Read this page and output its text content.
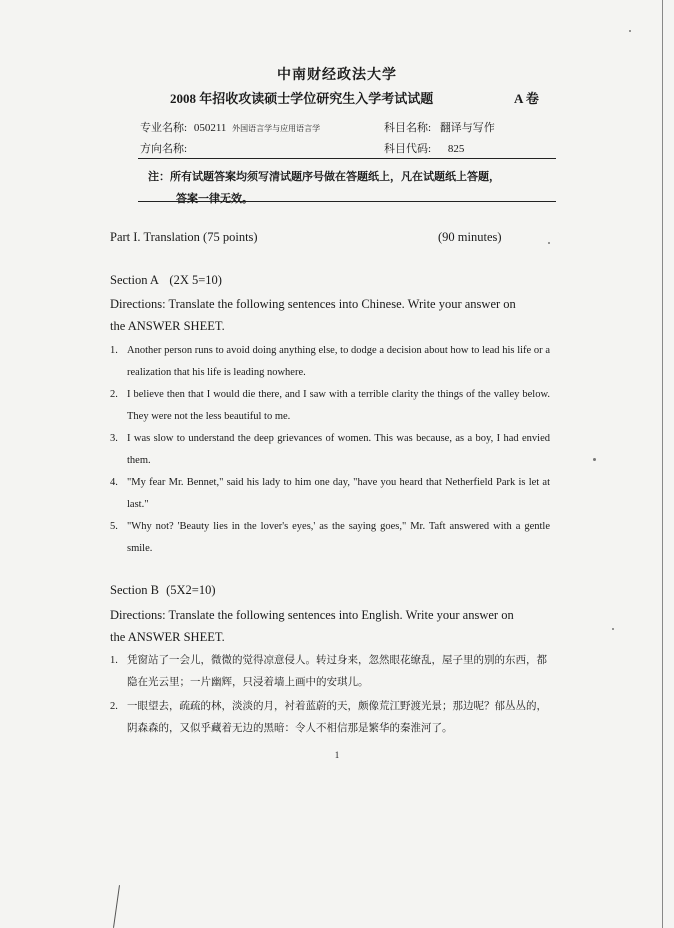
中南财经政法大学
2008 年招收攻读硕士学位研究生入学考试试题	A 卷
专业名称: 050211 外国语言学与应用语言学	科目名称: 翻译与写作
方向名称:	科目代码: 825
注：所有试题答案均须写清试题序号做在答题纸上，凡在试题纸上答题，
答案一律无效。
Part I. Translation (75 points)	(90 minutes)
Section A (2X 5=10)
Directions: Translate the following sentences into Chinese. Write your answer on
the ANSWER SHEET.
1. Another person runs to avoid doing anything else, to dodge a decision about how to lead his life or a realization that his life is leading nowhere.
2. I believe then that I would die there, and I saw with a terrible clarity the things of the valley below. They were not the less beautiful to me.
3. I was slow to understand the deep grievances of women. This was because, as a boy, I had envied them.
4. "My fear Mr. Bennet," said his lady to him one day, "have you heard that Netherfield Park is let at last."
5. "Why not? 'Beauty lies in the lover's eyes,' as the saying goes," Mr. Taft answered with a gentle smile.
Section B (5X2=10)
Directions: Translate the following sentences into English. Write your answer on
the ANSWER SHEET.
1. 凭窗站了一会儿，微微的觉得凉意侵人。转过身来，忽然眼花缭乱，屋子里的别的东西，都隐在光云里；一片幽辉，只浸着墙上画中的安琪儿。
2. 一眼望去，疏疏的林，淡淡的月，衬着蓝蔚的天，颇像荒江野渡光景；那边呢？郁丛丛的，阴森森的，又似乎藏着无边的黑暗：令人不相信那是繁华的秦淮河了。
1
